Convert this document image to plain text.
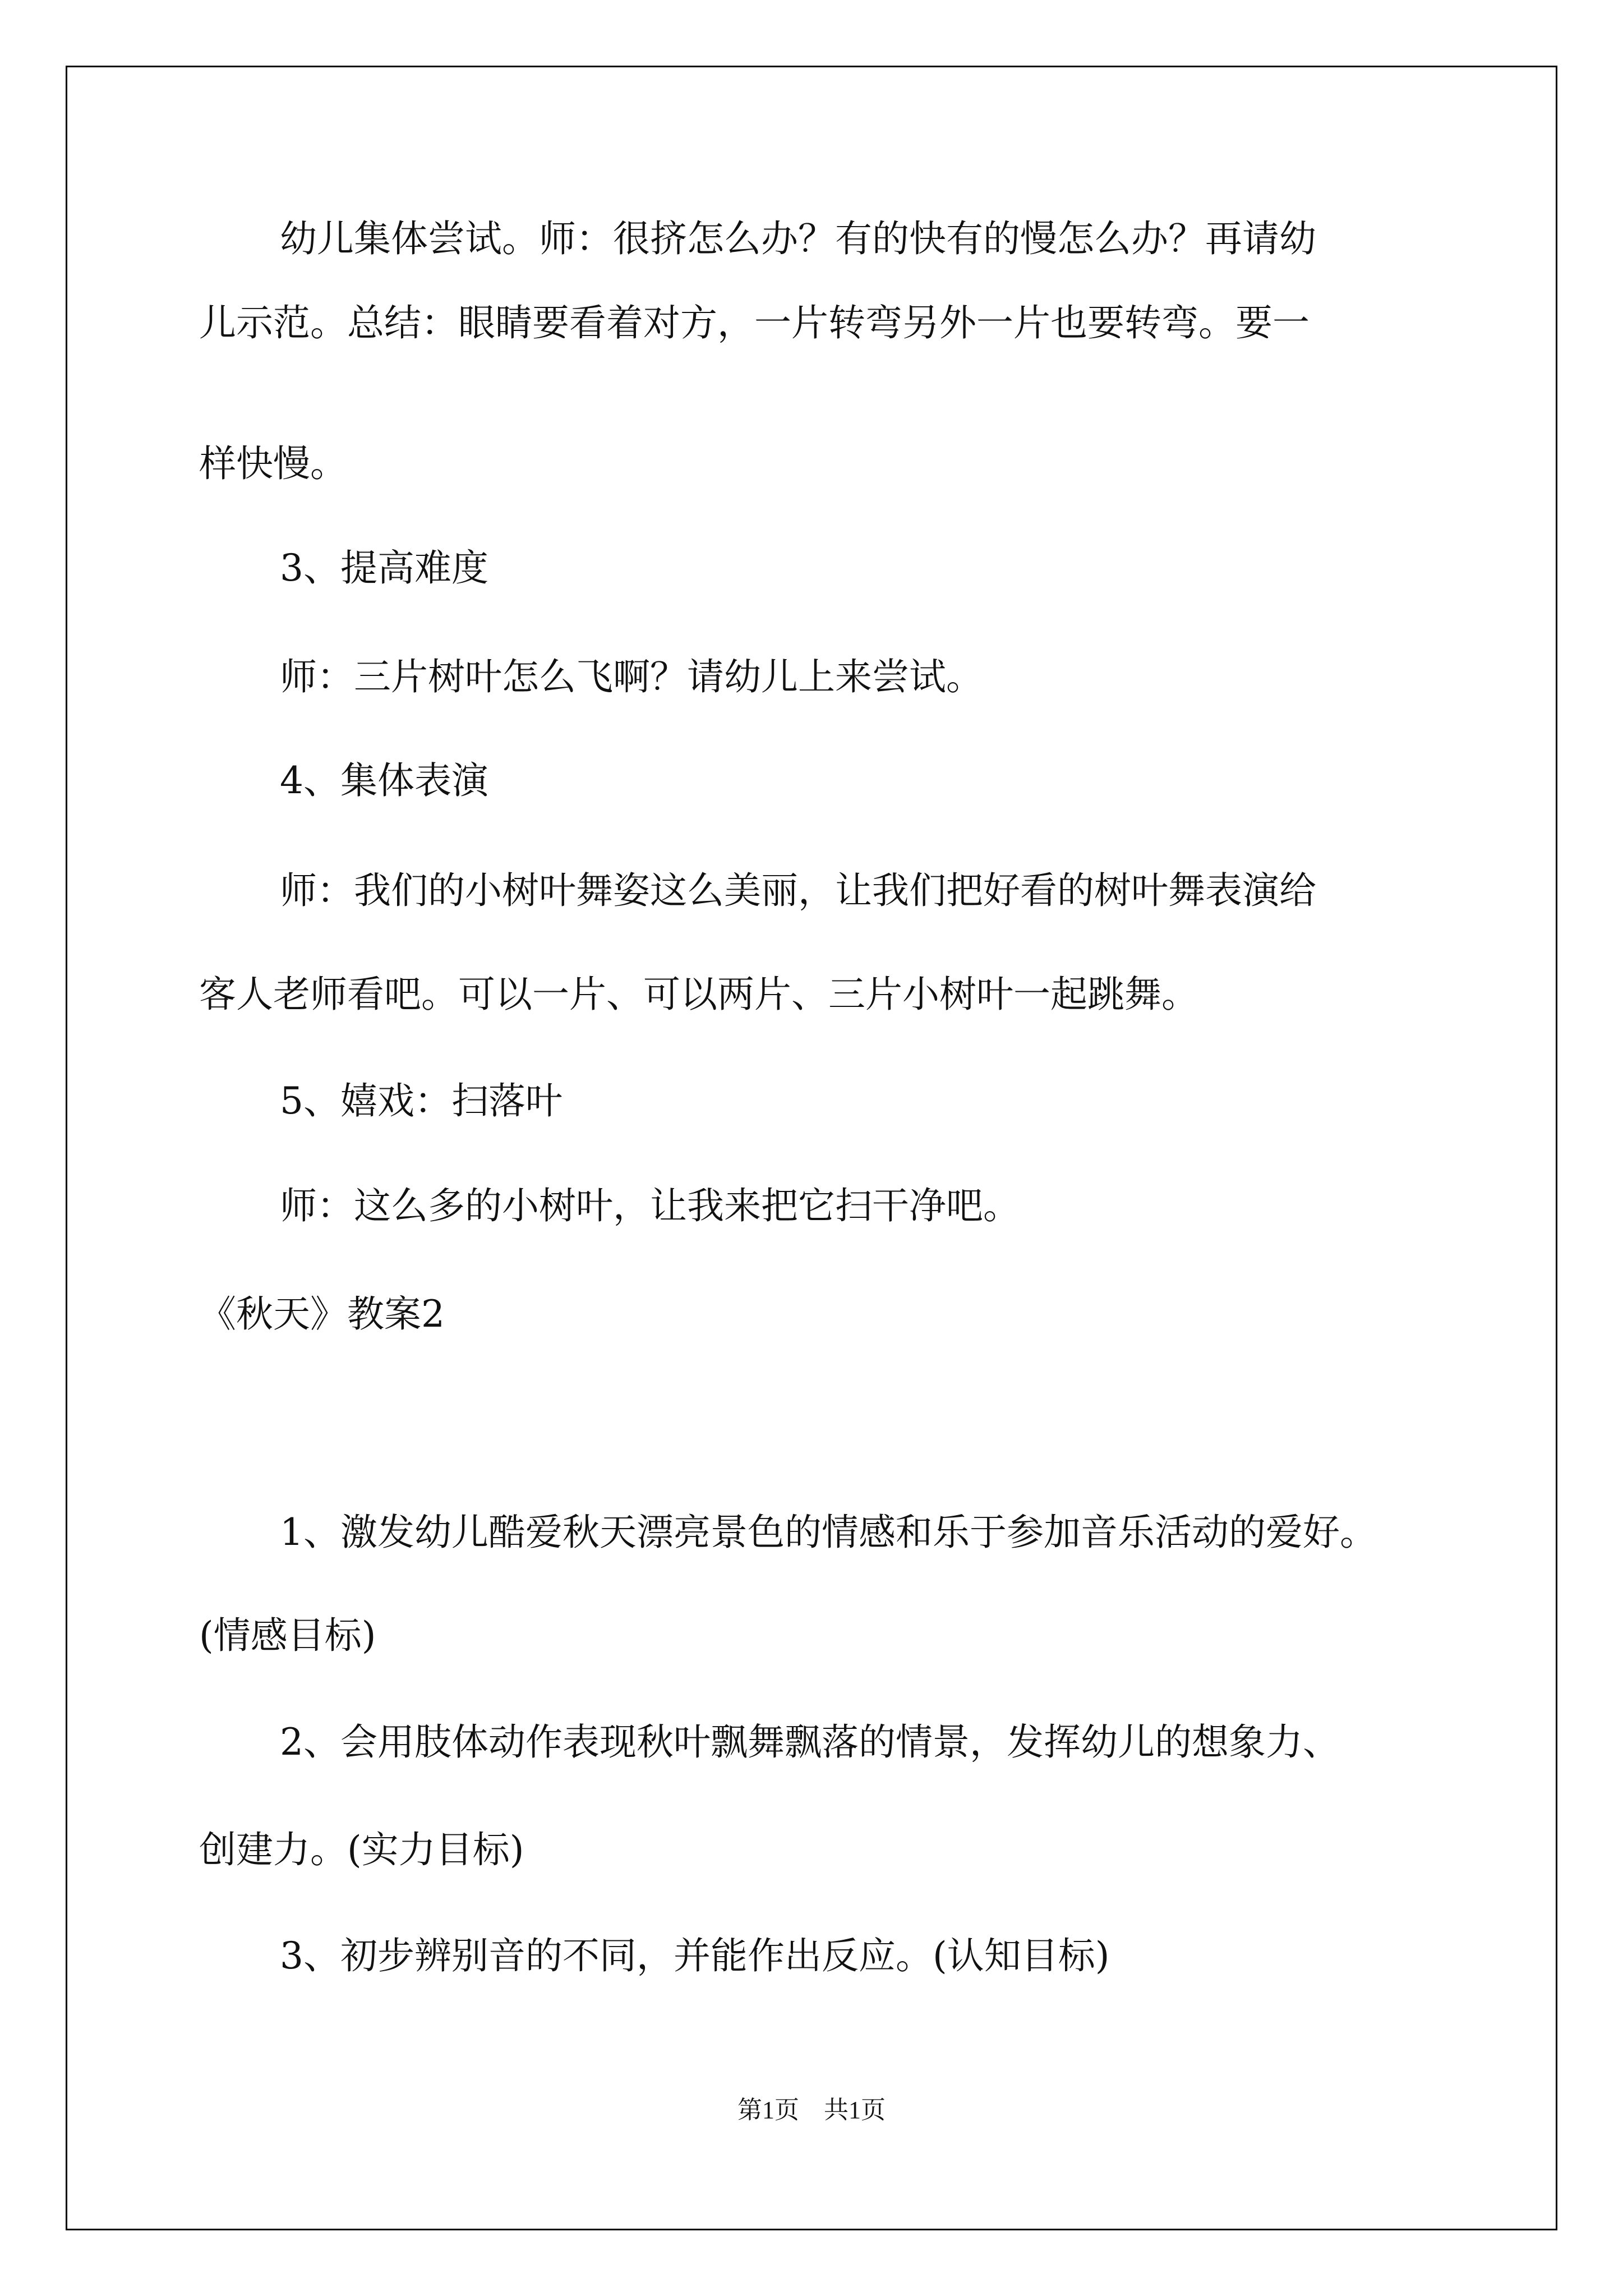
幼儿集体尝试。师：很挤怎么办？有的快有的慢怎么办？再请幼
儿示范。总结：眼睛要看着对方，一片转弯另外一片也要转弯。要一
样快慢。
3、提高难度
师：三片树叶怎么飞啊？请幼儿上来尝试。
4、集体表演
师：我们的小树叶舞姿这么美丽，让我们把好看的树叶舞表演给
客人老师看吧。可以一片、可以两片、三片小树叶一起跳舞。
5、嬉戏：扫落叶
师：这么多的小树叶，让我来把它扫干净吧。
《秋天》教案2
1、激发幼儿酷爱秋天漂亮景色的情感和乐于参加音乐活动的爱好。
(情感目标)
2、会用肢体动作表现秋叶飘舞飘落的情景，发挥幼儿的想象力、
创建力。(实力目标)
3、初步辨别音的不同，并能作出反应。(认知目标)
第1页　共1页
